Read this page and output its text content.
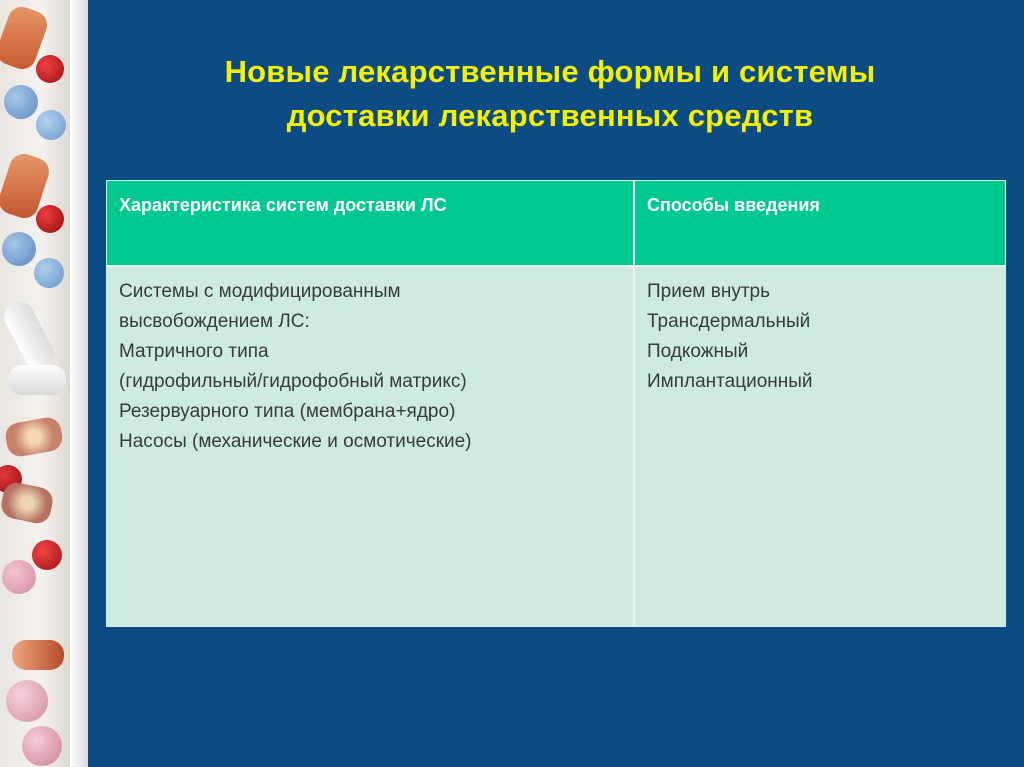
Новые лекарственные формы и системы
доставки лекарственных средств
Характеристика систем доставки ЛС	Способы введения
Системы с модифицированным
высвобождением ЛС:
Матричного типа
(гидрофильный/гидрофобный матрикс)
Резервуарного типа (мембрана+ядро)
Насосы (механические и осмотические)
Прием внутрь
Трансдермальный
Подкожный
Имплантационный
